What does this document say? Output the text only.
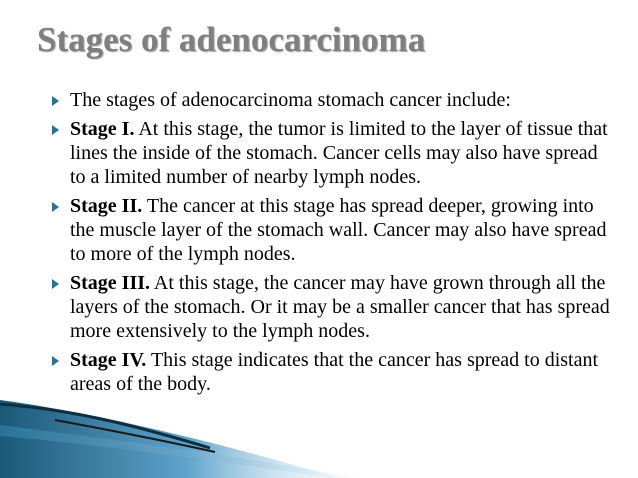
Stages of adenocarcinoma
The stages of adenocarcinoma stomach cancer include:
Stage I. At this stage, the tumor is limited to the layer of tissue that lines the inside of the stomach. Cancer cells may also have spread to a limited number of nearby lymph nodes.
Stage II. The cancer at this stage has spread deeper, growing into the muscle layer of the stomach wall. Cancer may also have spread to more of the lymph nodes.
Stage III. At this stage, the cancer may have grown through all the layers of the stomach. Or it may be a smaller cancer that has spread more extensively to the lymph nodes.
Stage IV. This stage indicates that the cancer has spread to distant areas of the body.
